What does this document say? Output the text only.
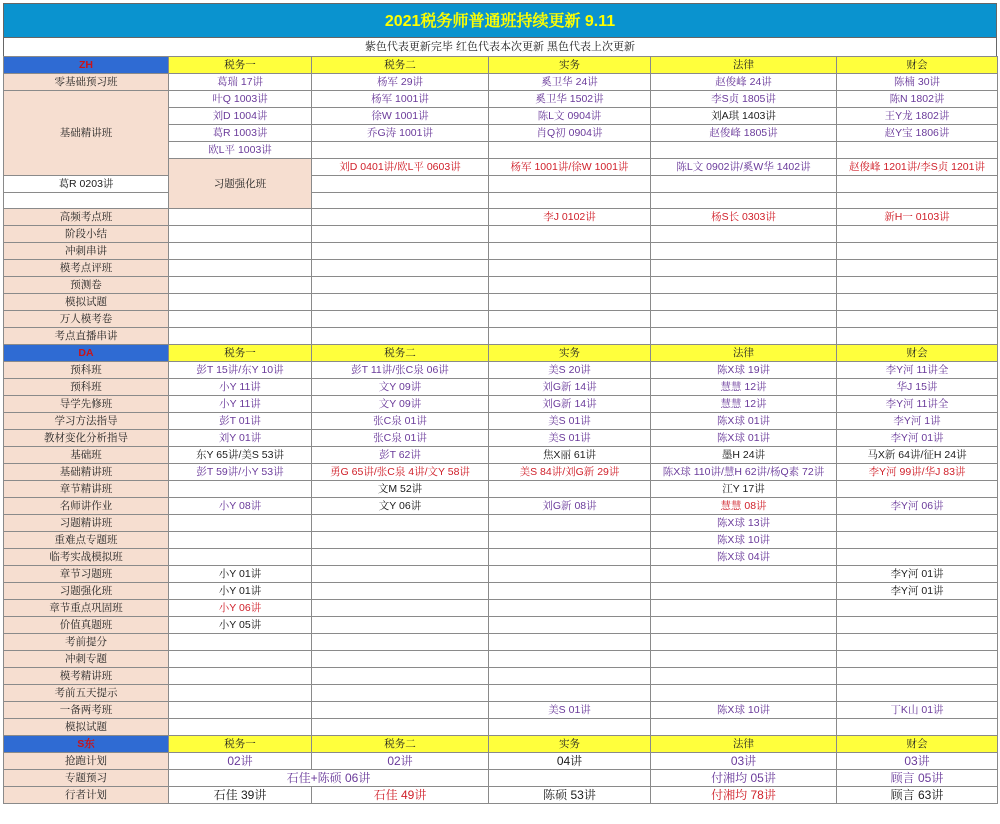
2021税务师普通班持续更新 9.11
紫色代表更新完毕 红色代表本次更新 黑色代表上次更新
ZH	税务一	税务二	实务	法律	财会	
零基础预习班	葛瑞 17讲	杨军 29讲	奚卫华 24讲	赵俊峰 24讲	陈楠 30讲	
基础精讲班	叶Q 1003讲	杨军 1001讲	奚卫华 1502讲	李S贞 1805讲	陈N 1802讲	
	刘D 1004讲	徐W 1001讲	陈L文 0904讲	刘A琪 1403讲	王Y龙 1802讲	
	葛R 1003讲	乔G涛 1001讲	肖Q初 0904讲	赵俊峰 1805讲	赵Y宝 1806讲	
	欧L平 1003讲					
	习题强化班	刘D 0401讲/欧L平 0603讲	杨军 1001讲/徐W 1001讲	陈L文 0902讲/奚W华 1402讲	赵俊峰 1201讲/李S贞 1201讲	
葛R 0203讲						

高频考点班			李J 0102讲	杨S长 0303讲	新H一 0103讲	
阶段小结						
冲刺串讲						
模考点评班						
预测卷						
模拟试题						
万人模考卷						
考点直播串讲						
DA	税务一	税务二	实务	法律	财会	
预科班	彭T 15讲/东Y 10讲	彭T 11讲/张C泉 06讲	美S 20讲	陈X球 19讲	李Y河 11讲全	
预科班	小Y 11讲	文Y 09讲	刘G新 14讲	慧慧 12讲	华J 15讲	
导学先修班	小Y 11讲	文Y 09讲	刘G新 14讲	慧慧 12讲	李Y河 11讲全	
学习方法指导	彭T 01讲	张C泉 01讲	美S 01讲	陈X球 01讲	李Y河 1讲	
教材变化分析指导	刘Y 01讲	张C泉 01讲	美S 01讲	陈X球 01讲	李Y河 01讲	
基础班	东Y 65讲/美S 53讲	彭T 62讲	焦X丽 61讲	墨H 24讲	马X新 64讲/征H 24讲	
基础精讲班	彭T 59讲/小Y 53讲	勇G 65讲/张C泉 4讲/文Y 58讲	美S 84讲/刘G新 29讲	陈X球 110讲/慧H 62讲/杨Q素 72讲	李Y河 99讲/华J 83讲	
章节精讲班		文M 52讲		江Y 17讲		
名师讲作业	小Y 08讲	文Y 06讲	刘G新 08讲	慧慧 08讲	李Y河 06讲	
习题精讲班				陈X球 13讲		
重难点专题班				陈X球 10讲		
临考实战模拟班				陈X球 04讲		
章节习题班	小Y 01讲				李Y河 01讲	
习题强化班	小Y 01讲				李Y河 01讲	
章节重点巩固班	小Y 06讲					
价值真题班	小Y 05讲					
考前提分						
冲刺专题						
模考精讲班						
考前五天提示						
一备两考班			美S 01讲	陈X球 10讲	丁K山 01讲	
模拟试题						
S东	税务一	税务二	实务	法律	财会	
抢跑计划	02讲	02讲	04讲	03讲	03讲	
专题预习	石佳+陈硕 06讲			付湘均 05讲	顾言 05讲	
行者计划	石佳 39讲	石佳 49讲	陈硕 53讲	付湘均 78讲	顾言 63讲	
